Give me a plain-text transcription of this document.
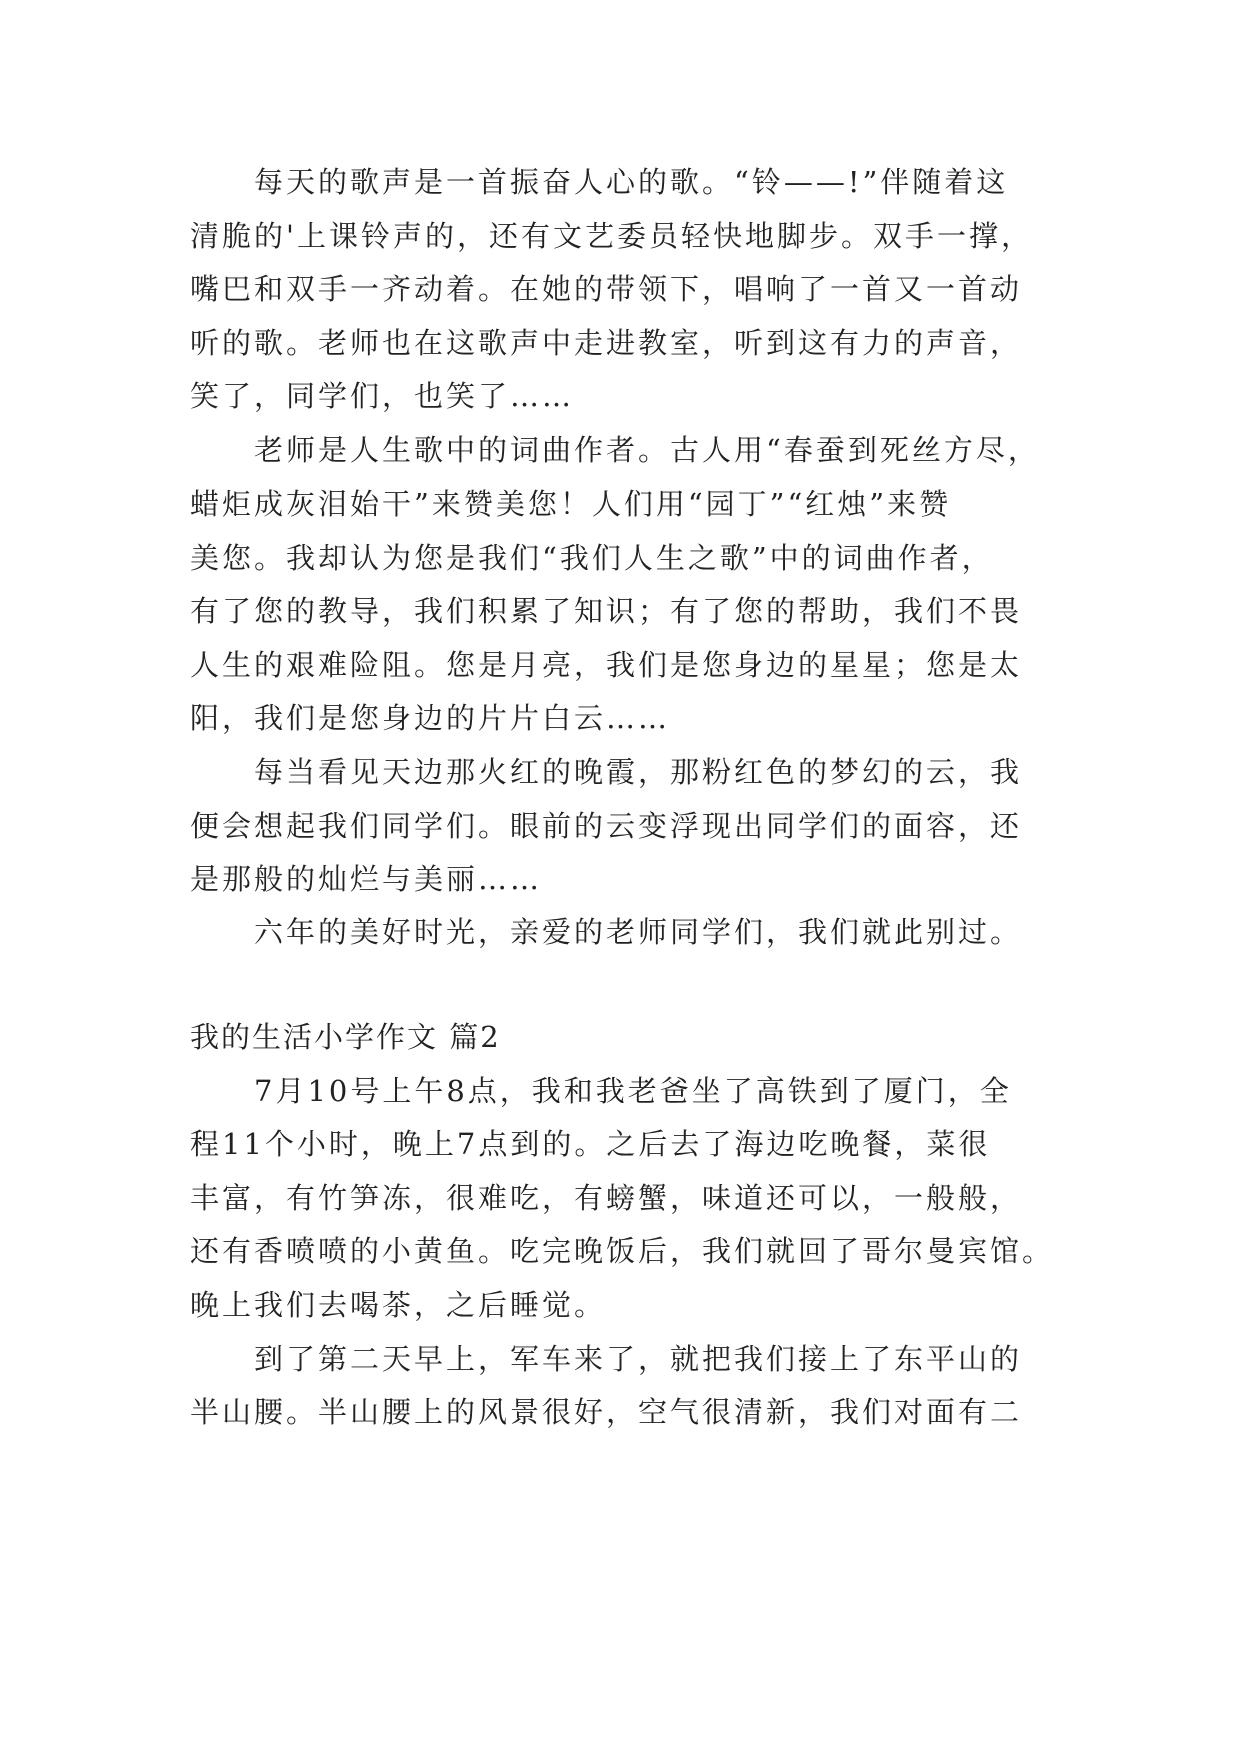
每天的歌声是一首振奋人心的歌。“铃——!”伴随着这
清脆的'上课铃声的，还有文艺委员轻快地脚步。双手一撑，
嘴巴和双手一齐动着。在她的带领下，唱响了一首又一首动
听的歌。老师也在这歌声中走进教室，听到这有力的声音，
笑了，同学们，也笑了……
老师是人生歌中的词曲作者。古人用“春蚕到死丝方尽，
蜡炬成灰泪始干”来赞美您！人们用“园丁”“红烛”来赞
美您。我却认为您是我们“我们人生之歌”中的词曲作者，
有了您的教导，我们积累了知识；有了您的帮助，我们不畏
人生的艰难险阻。您是月亮，我们是您身边的星星；您是太
阳，我们是您身边的片片白云……
每当看见天边那火红的晚霞，那粉红色的梦幻的云，我
便会想起我们同学们。眼前的云变浮现出同学们的面容，还
是那般的灿烂与美丽……
六年的美好时光，亲爱的老师同学们，我们就此别过。
我的生活小学作文 篇2
7月10号上午8点，我和我老爸坐了高铁到了厦门，全
程11个小时，晚上7点到的。之后去了海边吃晚餐，菜很
丰富，有竹笋冻，很难吃，有螃蟹，味道还可以，一般般，
还有香喷喷的小黄鱼。吃完晚饭后，我们就回了哥尔曼宾馆。
晚上我们去喝茶，之后睡觉。
到了第二天早上，军车来了，就把我们接上了东平山的
半山腰。半山腰上的风景很好，空气很清新，我们对面有二
